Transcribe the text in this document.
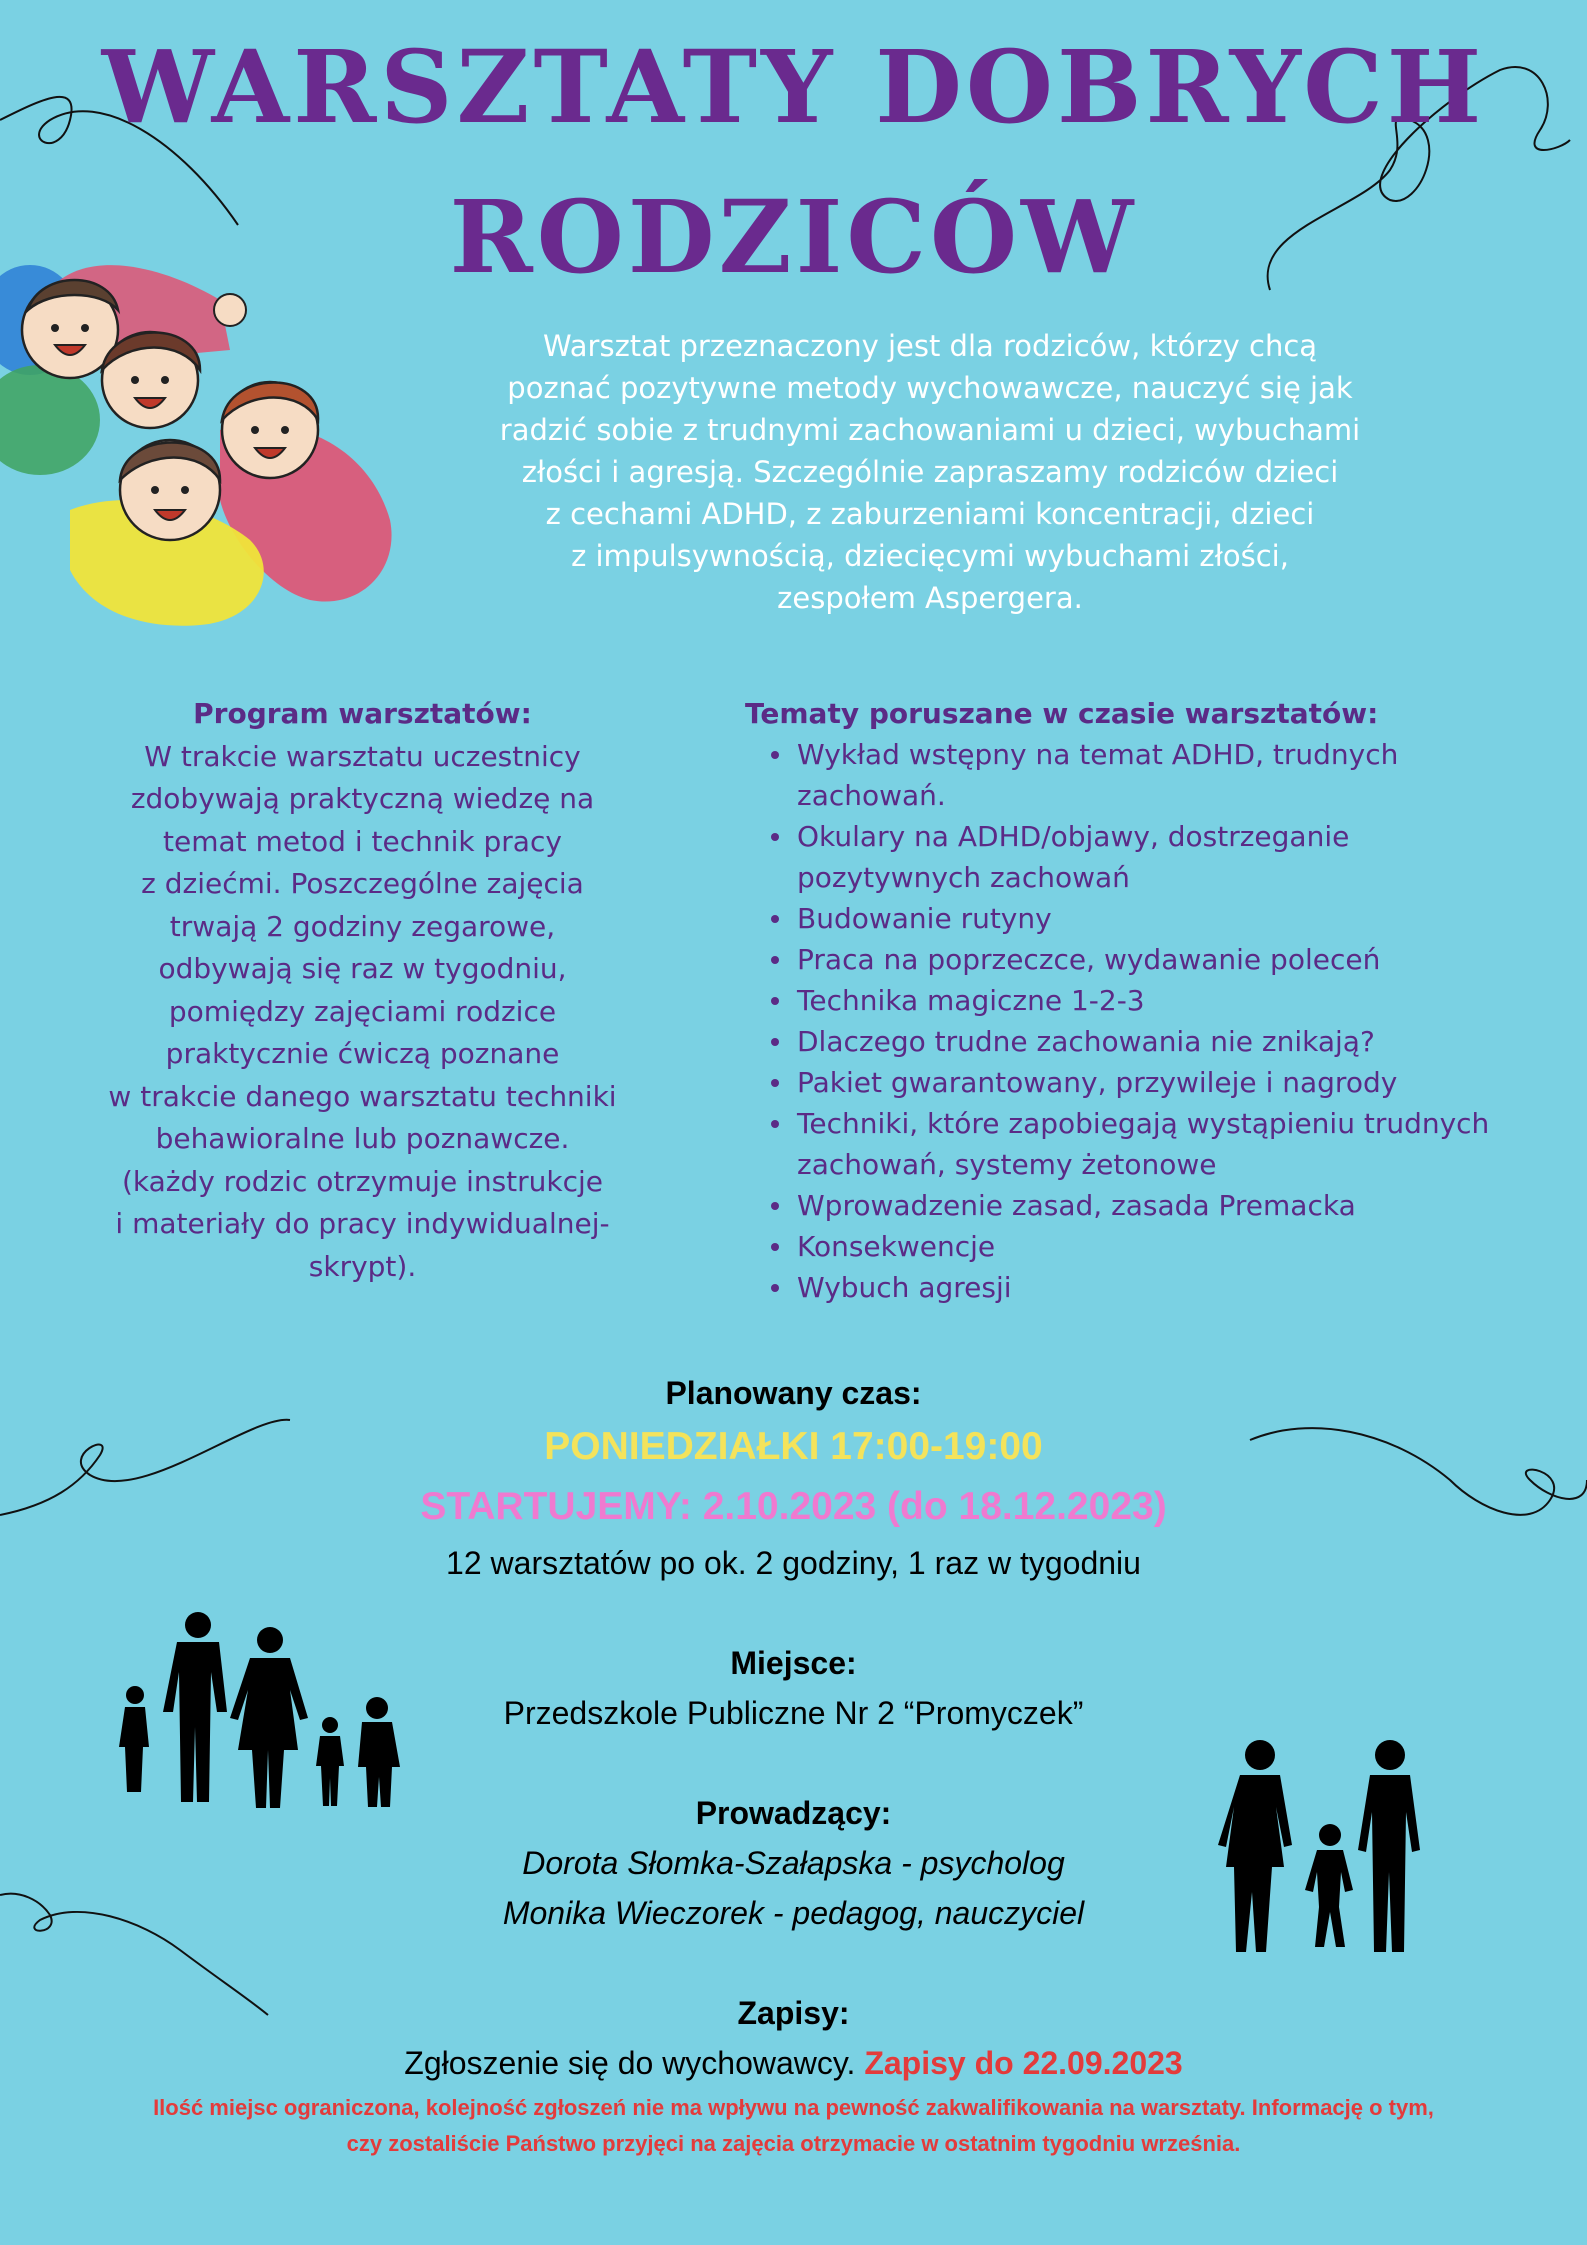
WARSZTATY DOBRYCH
RODZICÓW
Warsztat przeznaczony jest dla rodziców, którzy chcą
poznać pozytywne metody wychowawcze, nauczyć się jak
radzić sobie z trudnymi zachowaniami u dzieci, wybuchami
złości i agresją. Szczególnie zapraszamy rodziców dzieci
z cechami ADHD, z zaburzeniami koncentracji, dzieci
z impulsywnością, dziecięcymi wybuchami złości,
zespołem Aspergera.
Program warsztatów:
W trakcie warsztatu uczestnicy
zdobywają praktyczną wiedzę na
temat metod i technik pracy
z dziećmi. Poszczególne zajęcia
trwają 2 godziny zegarowe,
odbywają się raz w tygodniu,
pomiędzy zajęciami rodzice
praktycznie ćwiczą poznane
w trakcie danego warsztatu techniki
behawioralne lub poznawcze.
(każdy rodzic otrzymuje instrukcje
i materiały do pracy indywidualnej-
skrypt).
Tematy poruszane w czasie warsztatów:
Wykład wstępny na temat ADHD, trudnych zachowań.
Okulary na ADHD/objawy, dostrzeganie pozytywnych zachowań
Budowanie rutyny
Praca na poprzeczce, wydawanie poleceń
Technika magiczne 1-2-3
Dlaczego trudne zachowania nie znikają?
Pakiet gwarantowany, przywileje i nagrody
Techniki, które zapobiegają wystąpieniu trudnych zachowań, systemy żetonowe
Wprowadzenie zasad, zasada Premacka
Konsekwencje
Wybuch agresji
Planowany czas:
PONIEDZIAŁKI 17:00-19:00
STARTUJEMY: 2.10.2023 (do 18.12.2023)
12 warsztatów po ok. 2 godziny, 1 raz w tygodniu
Miejsce:
Przedszkole Publiczne Nr 2 “Promyczek”
Prowadzący:
Dorota Słomka-Szałapska - psycholog
Monika Wieczorek - pedagog, nauczyciel
Zapisy:
Zgłoszenie się do wychowawcy. Zapisy do 22.09.2023
Ilość miejsc ograniczona, kolejność zgłoszeń nie ma wpływu na pewność zakwalifikowania na warsztaty. Informację o tym,
czy zostaliście Państwo przyjęci na zajęcia otrzymacie w ostatnim tygodniu września.
